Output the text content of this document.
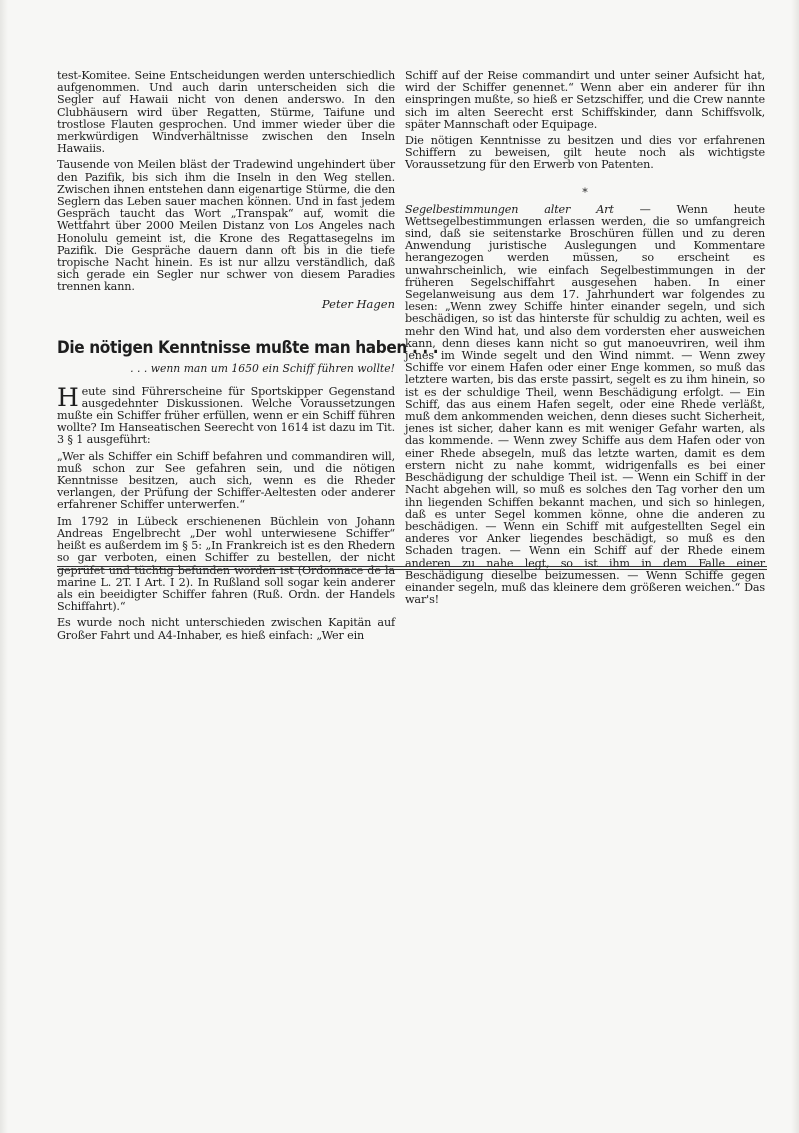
test-Komitee. Seine Entscheidungen werden unterschiedlich aufgenommen. Und auch darin unterscheiden sich die Segler auf Hawaii nicht von denen anderswo. In den Clubhäusern wird über Regatten, Stürme, Taifune und trostlose Flauten gesprochen. Und immer wieder über die merkwürdigen Windverhältnisse zwischen den Inseln Hawaiis.

Tausende von Meilen bläst der Tradewind ungehindert über den Pazifik, bis sich ihm die Inseln in den Weg stellen. Zwischen ihnen entstehen dann eigenartige Stürme, die den Seglern das Leben sauer machen können. Und in fast jedem Gespräch taucht das Wort „Transpak“ auf, womit die Wettfahrt über 2000 Meilen Distanz von Los Angeles nach Honolulu gemeint ist, die Krone des Regattasegelns im Pazifik. Die Gespräche dauern dann oft bis in die tiefe tropische Nacht hinein. Es ist nur allzu verständlich, daß sich gerade ein Segler nur schwer von diesem Paradies trennen kann.

Peter Hagen
Die nötigen Kenntnisse mußte man haben . . .
. . . wenn man um 1650 ein Schiff führen wollte!

Heute sind Führerscheine für Sportskipper Gegenstand ausgedehnter Diskussionen. Welche Voraussetzungen mußte ein Schiffer früher erfüllen, wenn er ein Schiff führen wollte? Im Hanseatischen Seerecht von 1614 ist dazu im Tit. 3 § 1 ausgeführt:

„Wer als Schiffer ein Schiff befahren und commandiren will, muß schon zur See gefahren sein, und die nötigen Kenntnisse besitzen, auch sich, wenn es die Rheder verlangen, der Prüfung der Schiffer-Aeltesten oder anderer erfahrener Schiffer unterwerfen.“

Im 1792 in Lübeck erschienenen Büchlein von Johann Andreas Engelbrecht „Der wohl unterwiesene Schiffer“ heißt es außerdem im § 5: „In Frankreich ist es den Rhedern so gar verboten, einen Schiffer zu bestellen, der nicht geprüfet und tüchtig befunden worden ist (Ordonnace de la marine L. 2T. I Art. I 2). In Rußland soll sogar kein anderer als ein beeidigter Schiffer fahren (Ruß. Ordn. der Handels Schiffahrt).“

Es wurde noch nicht unterschieden zwischen Kapitän auf Großer Fahrt und A4-Inhaber, es hieß einfach: „Wer ein

Schiff auf der Reise commandirt und unter seiner Aufsicht hat, wird der Schiffer genennet.“ Wenn aber ein anderer für ihn einspringen mußte, so hieß er Setzschiffer, und die Crew nannte sich im alten Seerecht erst Schiffskinder, dann Schiffsvolk, später Mannschaft oder Equipage.

Die nötigen Kenntnisse zu besitzen und dies vor erfahrenen Schiffern zu beweisen, gilt heute noch als wichtigste Voraussetzung für den Erwerb von Patenten.

*

Segelbestimmungen alter Art — Wenn heute Wettsegelbestimmungen erlassen werden, die so umfangreich sind, daß sie seitenstarke Broschüren füllen und zu deren Anwendung juristische Auslegungen und Kommentare herangezogen werden müssen, so erscheint es unwahrscheinlich, wie einfach Segelbestimmungen in der früheren Segelschiffahrt ausgesehen haben. In einer Segelanweisung aus dem 17. Jahrhundert war folgendes zu lesen: „Wenn zwey Schiffe hinter einander segeln, und sich beschädigen, so ist das hinterste für schuldig zu achten, weil es mehr den Wind hat, und also dem vordersten eher ausweichen kann, denn dieses kann nicht so gut manoeuvriren, weil ihm jenes im Winde segelt und den Wind nimmt. — Wenn zwey Schiffe vor einem Hafen oder einer Enge kommen, so muß das letztere warten, bis das erste passirt, segelt es zu ihm hinein, so ist es der schuldige Theil, wenn Beschädigung erfolgt. — Ein Schiff, das aus einem Hafen segelt, oder eine Rhede verläßt, muß dem ankommenden weichen, denn dieses sucht Sicherheit, jenes ist sicher, daher kann es mit weniger Gefahr warten, als das kommende. — Wenn zwey Schiffe aus dem Hafen oder von einer Rhede absegeln, muß das letzte warten, damit es dem erstern nicht zu nahe kommt, widrigenfalls es bei einer Beschädigung der schuldige Theil ist. — Wenn ein Schiff in der Nacht abgehen will, so muß es solches den Tag vorher den um ihn liegenden Schiffen bekannt machen, und sich so hinlegen, daß es unter Segel kommen könne, ohne die anderen zu beschädigen. — Wenn ein Schiff mit aufgestellten Segel ein anderes vor Anker liegendes beschädigt, so muß es den Schaden tragen. — Wenn ein Schiff auf der Rhede einem anderen zu nahe legt, so ist ihm in dem Falle einer Beschädigung dieselbe beizumessen. — Wenn Schiffe gegen einander segeln, muß das kleinere dem größeren weichen.“ Das war's!
